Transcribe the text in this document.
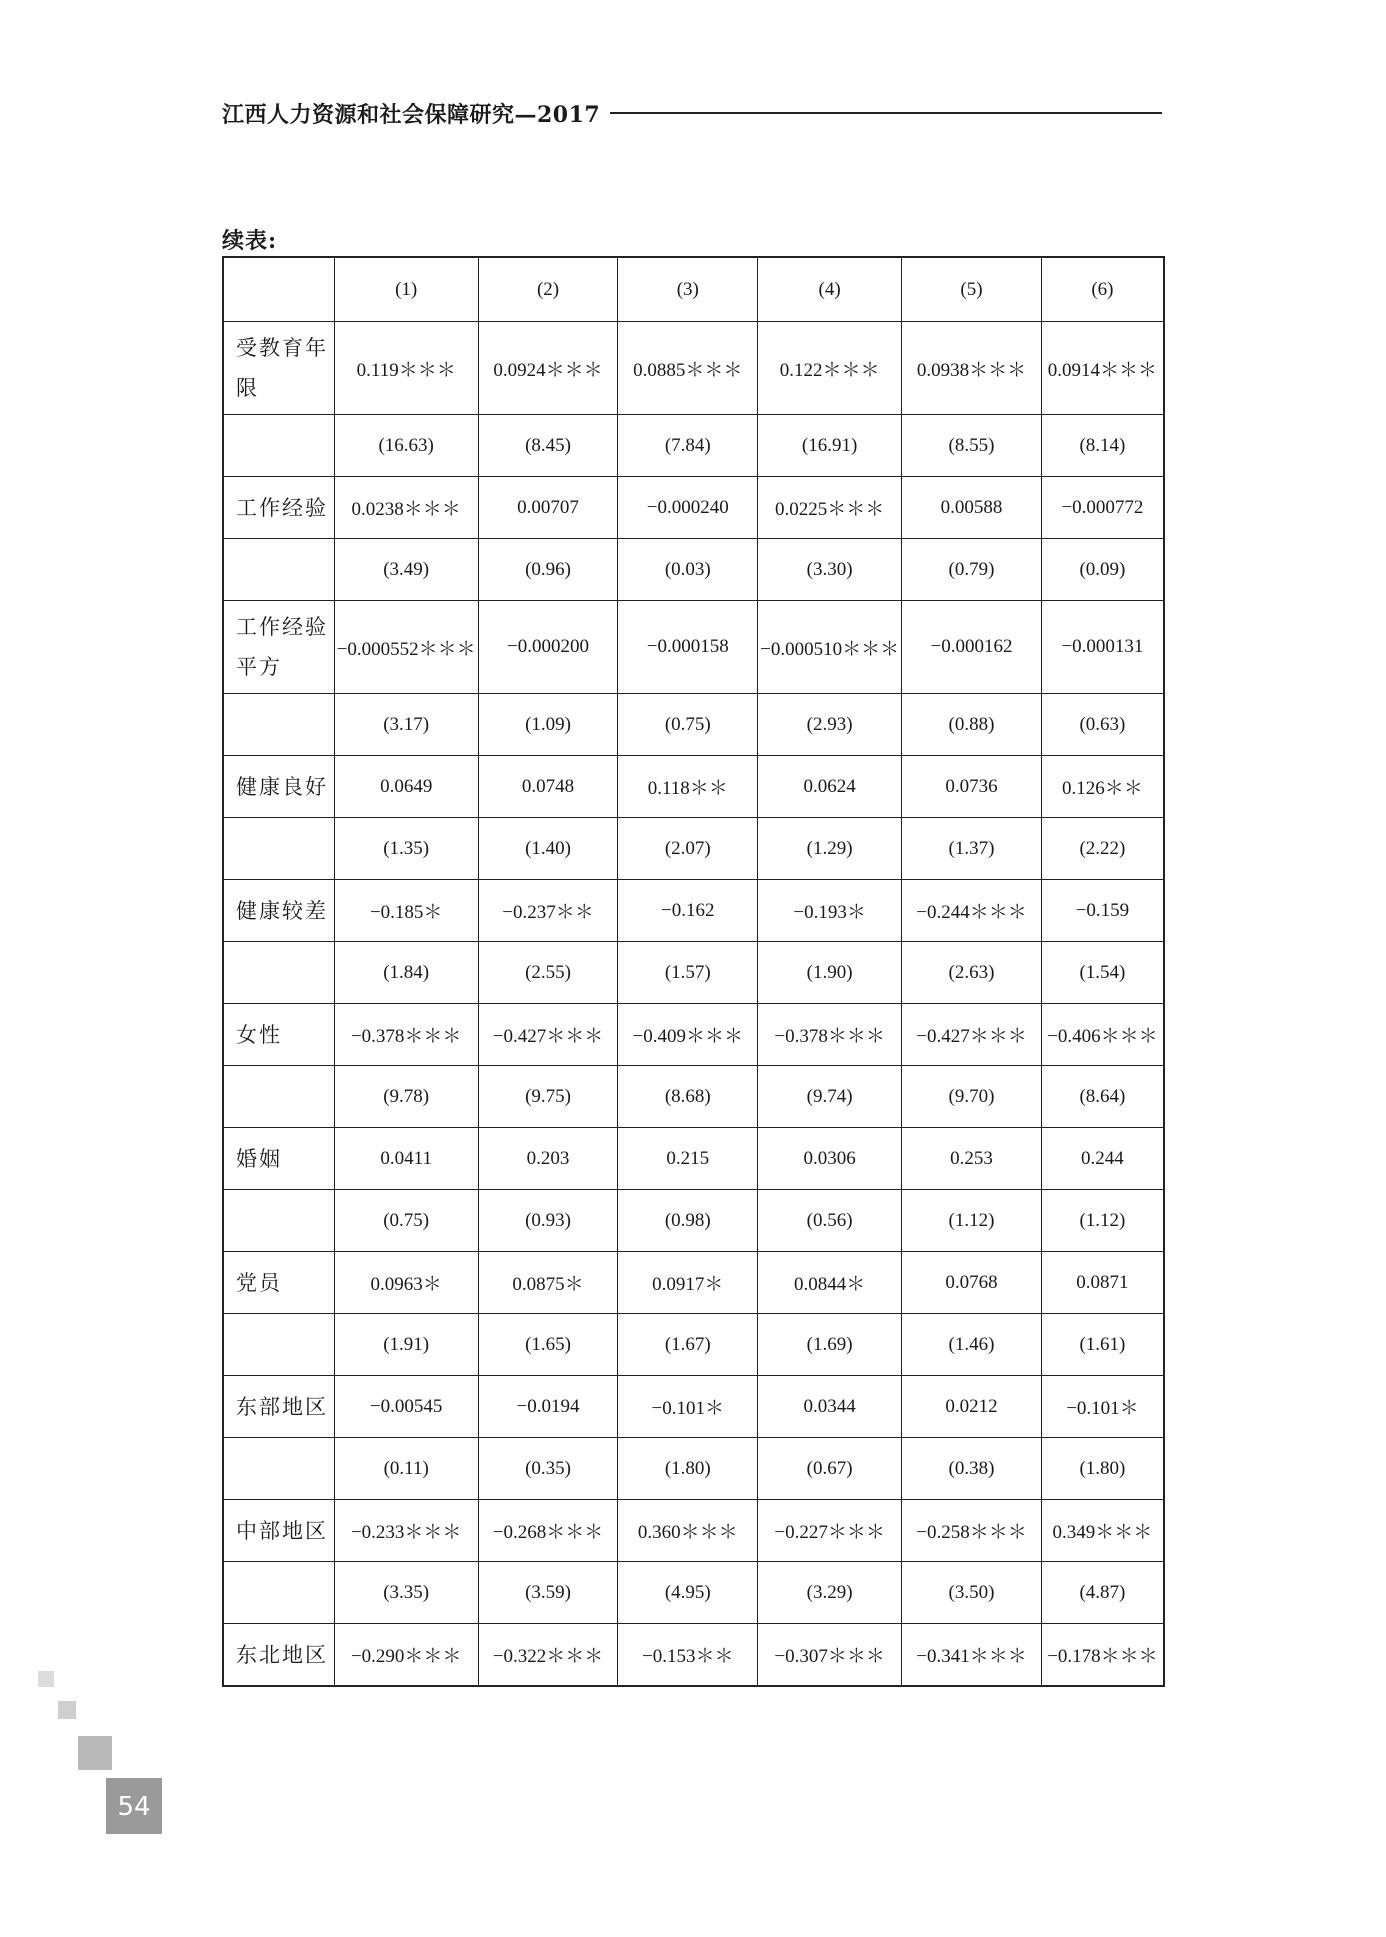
江西人力资源和社会保障研究—2017
续表:
	(1)	(2)	(3)	(4)	(5)	(6)
受教育年限	0.119＊＊＊	0.0924＊＊＊	0.0885＊＊＊	0.122＊＊＊	0.0938＊＊＊	0.0914＊＊＊
	(16.63)	(8.45)	(7.84)	(16.91)	(8.55)	(8.14)
工作经验	0.0238＊＊＊	0.00707	−0.000240	0.0225＊＊＊	0.00588	−0.000772
	(3.49)	(0.96)	(0.03)	(3.30)	(0.79)	(0.09)
工作经验平方	−0.000552＊＊＊	−0.000200	−0.000158	−0.000510＊＊＊	−0.000162	−0.000131
	(3.17)	(1.09)	(0.75)	(2.93)	(0.88)	(0.63)
健康良好	0.0649	0.0748	0.118＊＊	0.0624	0.0736	0.126＊＊
	(1.35)	(1.40)	(2.07)	(1.29)	(1.37)	(2.22)
健康较差	−0.185＊	−0.237＊＊	−0.162	−0.193＊	−0.244＊＊＊	−0.159
	(1.84)	(2.55)	(1.57)	(1.90)	(2.63)	(1.54)
女性	−0.378＊＊＊	−0.427＊＊＊	−0.409＊＊＊	−0.378＊＊＊	−0.427＊＊＊	−0.406＊＊＊
	(9.78)	(9.75)	(8.68)	(9.74)	(9.70)	(8.64)
婚姻	0.0411	0.203	0.215	0.0306	0.253	0.244
	(0.75)	(0.93)	(0.98)	(0.56)	(1.12)	(1.12)
党员	0.0963＊	0.0875＊	0.0917＊	0.0844＊	0.0768	0.0871
	(1.91)	(1.65)	(1.67)	(1.69)	(1.46)	(1.61)
东部地区	−0.00545	−0.0194	−0.101＊	0.0344	0.0212	−0.101＊
	(0.11)	(0.35)	(1.80)	(0.67)	(0.38)	(1.80)
中部地区	−0.233＊＊＊	−0.268＊＊＊	0.360＊＊＊	−0.227＊＊＊	−0.258＊＊＊	0.349＊＊＊
	(3.35)	(3.59)	(4.95)	(3.29)	(3.50)	(4.87)
东北地区	−0.290＊＊＊	−0.322＊＊＊	−0.153＊＊	−0.307＊＊＊	−0.341＊＊＊	−0.178＊＊＊
54
